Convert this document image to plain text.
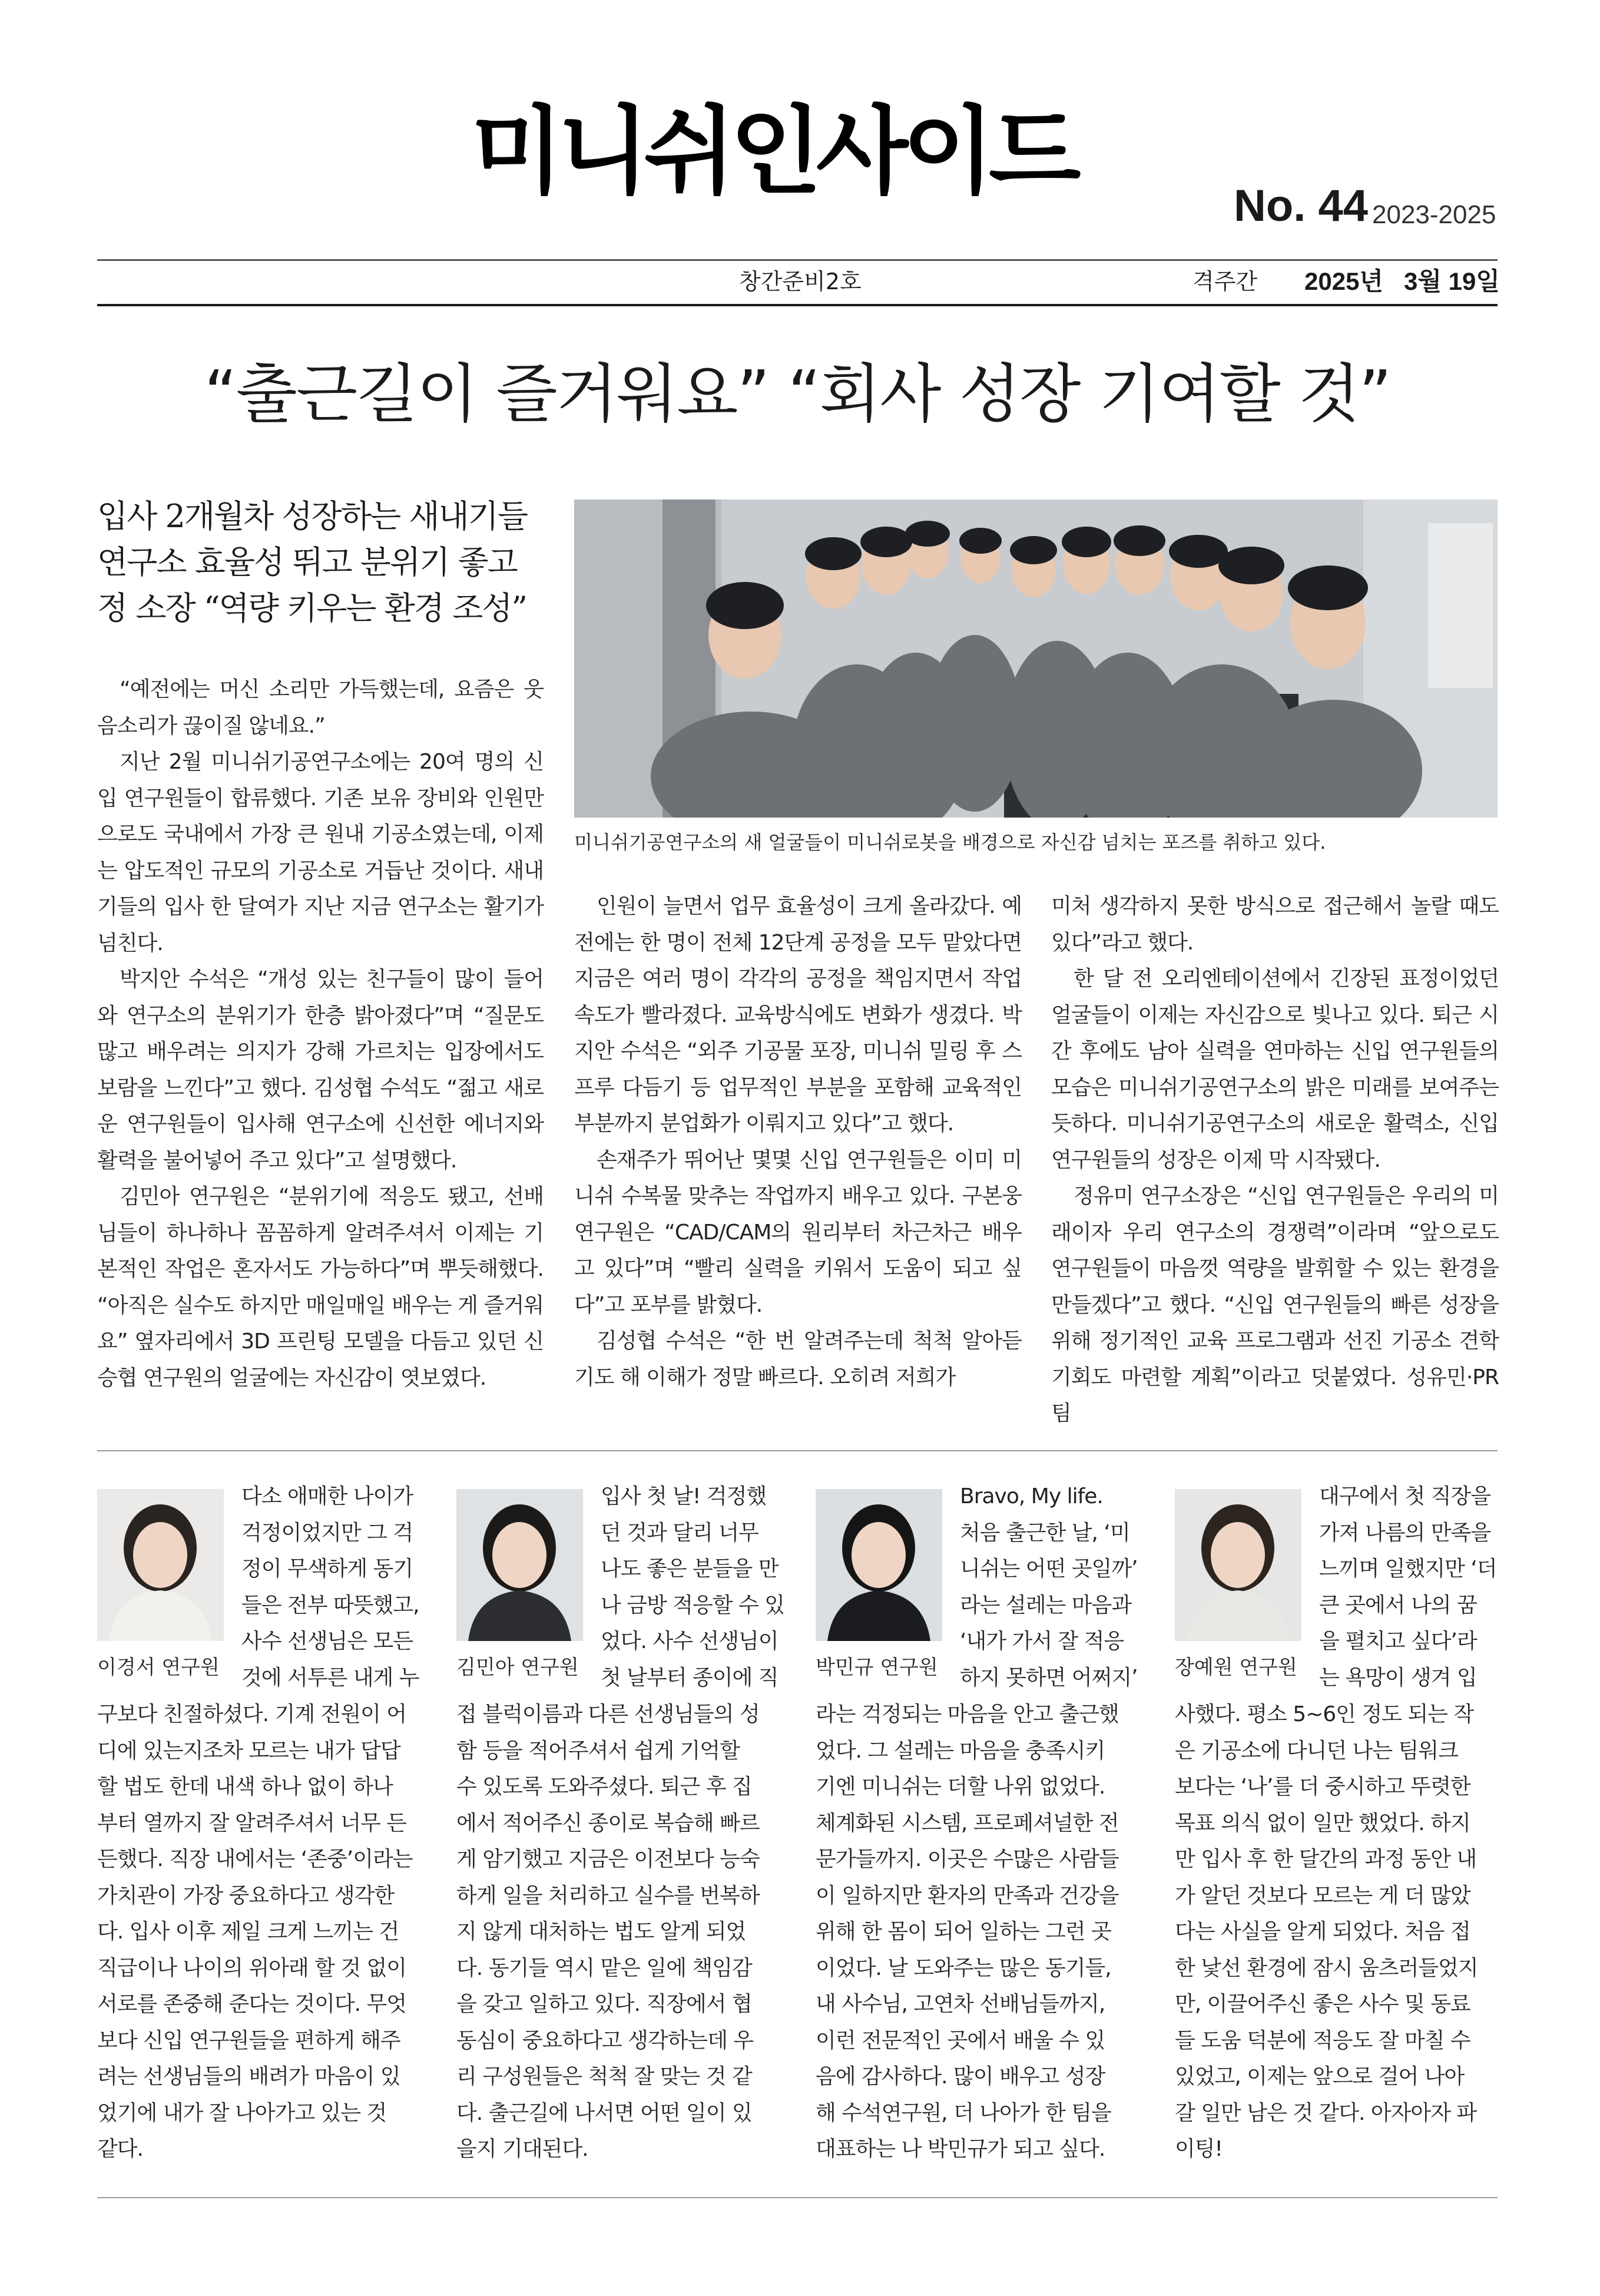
미니쉬인사이드	No. 44 2023-2025
창간준비2호	격주간 2025년   3월 19일
“출근길이 즐거워요” “회사 성장 기여할 것”
입사 2개월차 성장하는 새내기들
연구소 효율성 뛰고 분위기 좋고
정 소장 “역량 키우는 환경 조성”
미니쉬기공연구소의 새 얼굴들이 미니쉬로봇을 배경으로 자신감 넘치는 포즈를 취하고 있다.

“예전에는 머신 소리만 가득했는데, 요즘은 웃음소리가 끊이질 않네요.”

지난 2월 미니쉬기공연구소에는 20여 명의 신입 연구원들이 합류했다. 기존 보유 장비와 인원만으로도 국내에서 가장 큰 원내 기공소였는데, 이제는 압도적인 규모의 기공소로 거듭난 것이다. 새내기들의 입사 한 달여가 지난 지금 연구소는 활기가 넘친다.

박지안 수석은 “개성 있는 친구들이 많이 들어와 연구소의 분위기가 한층 밝아졌다”며 “질문도 많고 배우려는 의지가 강해 가르치는 입장에서도 보람을 느낀다”고 했다. 김성협 수석도 “젊고 새로운 연구원들이 입사해 연구소에 신선한 에너지와 활력을 불어넣어 주고 있다”고 설명했다.

김민아 연구원은 “분위기에 적응도 됐고, 선배님들이 하나하나 꼼꼼하게 알려주셔서 이제는 기본적인 작업은 혼자서도 가능하다”며 뿌듯해했다. “아직은 실수도 하지만 매일매일 배우는 게 즐거워요” 옆자리에서 3D 프린팅 모델을 다듬고 있던 신승협 연구원의 얼굴에는 자신감이 엿보였다.

인원이 늘면서 업무 효율성이 크게 올라갔다. 예전에는 한 명이 전체 12단계 공정을 모두 맡았다면 지금은 여러 명이 각각의 공정을 책임지면서 작업 속도가 빨라졌다. 교육방식에도 변화가 생겼다. 박지안 수석은 “외주 기공물 포장, 미니쉬 밀링 후 스프루 다듬기 등 업무적인 부분을 포함해 교육적인 부분까지 분업화가 이뤄지고 있다”고 했다.

손재주가 뛰어난 몇몇 신입 연구원들은 이미 미니쉬 수복물 맞추는 작업까지 배우고 있다. 구본웅 연구원은 “CAD/CAM의 원리부터 차근차근 배우고 있다”며 “빨리 실력을 키워서 도움이 되고 싶다”고 포부를 밝혔다.

김성협 수석은 “한 번 알려주는데 척척 알아듣기도 해 이해가 정말 빠르다. 오히려 저희가

미처 생각하지 못한 방식으로 접근해서 놀랄 때도 있다”라고 했다.

한 달 전 오리엔테이션에서 긴장된 표정이었던 얼굴들이 이제는 자신감으로 빛나고 있다. 퇴근 시간 후에도 남아 실력을 연마하는 신입 연구원들의 모습은 미니쉬기공연구소의 밝은 미래를 보여주는 듯하다. 미니쉬기공연구소의 새로운 활력소, 신입 연구원들의 성장은 이제 막 시작됐다.

정유미 연구소장은 “신입 연구원들은 우리의 미래이자 우리 연구소의 경쟁력”이라며 “앞으로도 연구원들이 마음껏 역량을 발휘할 수 있는 환경을 만들겠다”고 했다. “신입 연구원들의 빠른 성장을 위해 정기적인 교육 프로그램과 선진 기공소 견학 기회도 마련할 계획”이라고 덧붙였다. 성유민·PR팀

이경서 연구원
다소 애매한 나이가
걱정이었지만 그 걱
정이 무색하게 동기
들은 전부 따뜻했고,
사수 선생님은 모든
것에 서투른 내게 누
구보다 친절하셨다. 기계 전원이 어
디에 있는지조차 모르는 내가 답답
할 법도 한데 내색 하나 없이 하나
부터 열까지 잘 알려주셔서 너무 든
든했다. 직장 내에서는 ‘존중’이라는
가치관이 가장 중요하다고 생각한
다. 입사 이후 제일 크게 느끼는 건
직급이나 나이의 위아래 할 것 없이
서로를 존중해 준다는 것이다. 무엇
보다 신입 연구원들을 편하게 해주
려는 선생님들의 배려가 마음이 있
었기에 내가 잘 나아가고 있는 것
같다.
김민아 연구원
입사 첫 날! 걱정했
던 것과 달리 너무
나도 좋은 분들을 만
나 금방 적응할 수 있
었다. 사수 선생님이
첫 날부터 종이에 직
접 블럭이름과 다른 선생님들의 성
함 등을 적어주셔서 쉽게 기억할
수 있도록 도와주셨다. 퇴근 후 집
에서 적어주신 종이로 복습해 빠르
게 암기했고 지금은 이전보다 능숙
하게 일을 처리하고 실수를 번복하
지 않게 대처하는 법도 알게 되었
다. 동기들 역시 맡은 일에 책임감
을 갖고 일하고 있다. 직장에서 협
동심이 중요하다고 생각하는데 우
리 구성원들은 척척 잘 맞는 것 같
다. 출근길에 나서면 어떤 일이 있
을지 기대된다.
박민규 연구원
Bravo, My life.
처음 출근한 날, ‘미
니쉬는 어떤 곳일까’
라는 설레는 마음과
‘내가 가서 잘 적응
하지 못하면 어쩌지’
라는 걱정되는 마음을 안고 출근했
었다. 그 설레는 마음을 충족시키
기엔 미니쉬는 더할 나위 없었다.
체계화된 시스템, 프로페셔널한 전
문가들까지. 이곳은 수많은 사람들
이 일하지만 환자의 만족과 건강을
위해 한 몸이 되어 일하는 그런 곳
이었다. 날 도와주는 많은 동기들,
내 사수님, 고연차 선배님들까지,
이런 전문적인 곳에서 배울 수 있
음에 감사하다. 많이 배우고 성장
해 수석연구원, 더 나아가 한 팀을
대표하는 나 박민규가 되고 싶다.
장예원 연구원
대구에서 첫 직장을
가져 나름의 만족을
느끼며 일했지만 ‘더
큰 곳에서 나의 꿈
을 펼치고 싶다’라
는 욕망이 생겨 입
사했다. 평소 5~6인 정도 되는 작
은 기공소에 다니던 나는 팀워크
보다는 ‘나’를 더 중시하고 뚜렷한
목표 의식 없이 일만 했었다. 하지
만 입사 후 한 달간의 과정 동안 내
가 알던 것보다 모르는 게 더 많았
다는 사실을 알게 되었다. 처음 접
한 낯선 환경에 잠시 움츠러들었지
만, 이끌어주신 좋은 사수 및 동료
들 도움 덕분에 적응도 잘 마칠 수
있었고, 이제는 앞으로 걸어 나아
갈 일만 남은 것 같다. 아자아자 파
이팅!
